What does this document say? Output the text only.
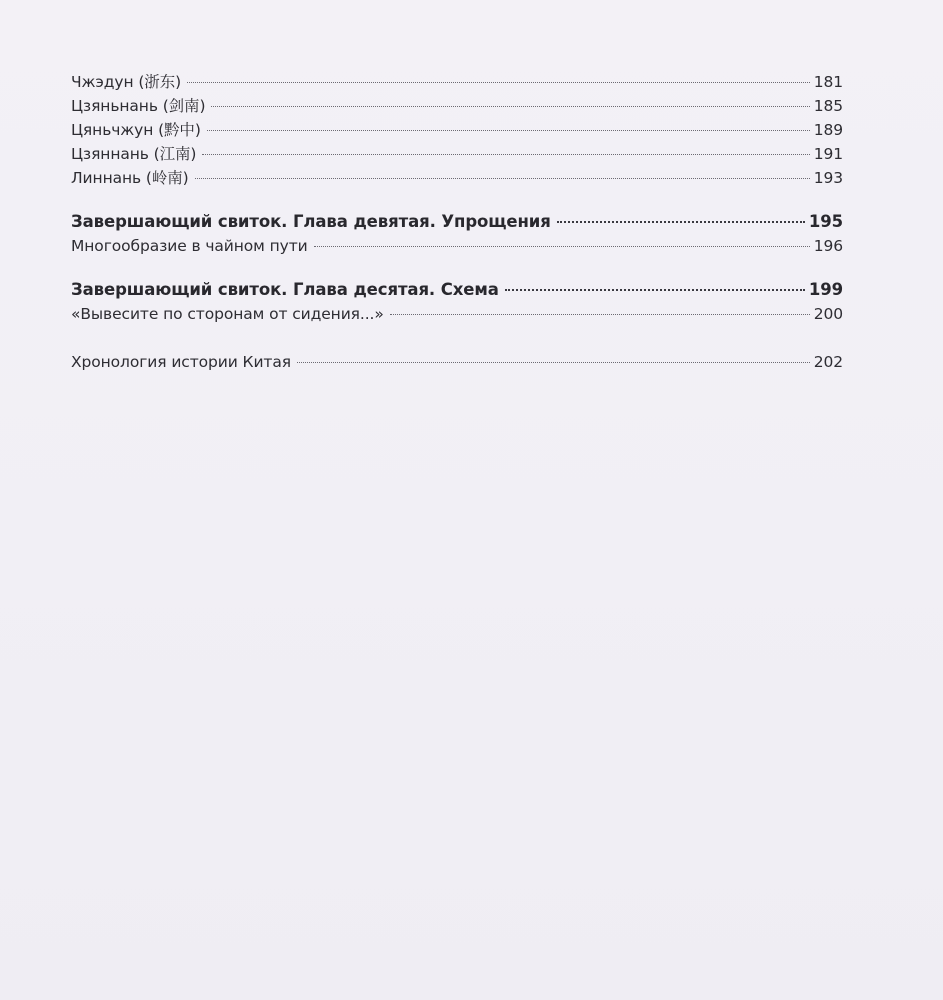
Чжэдун (浙东)	181
Цзяньнань (剑南)	185
Цяньчжун (黔中)	189
Цзяннань (江南)	191
Линнань (岭南)	193
Завершающий свиток. Глава девятая. Упрощения	195
Многообразие в чайном пути	196
Завершающий свиток. Глава десятая. Схема	199
«Вывесите по сторонам от сидения...»	200
Хронология истории Китая	202
